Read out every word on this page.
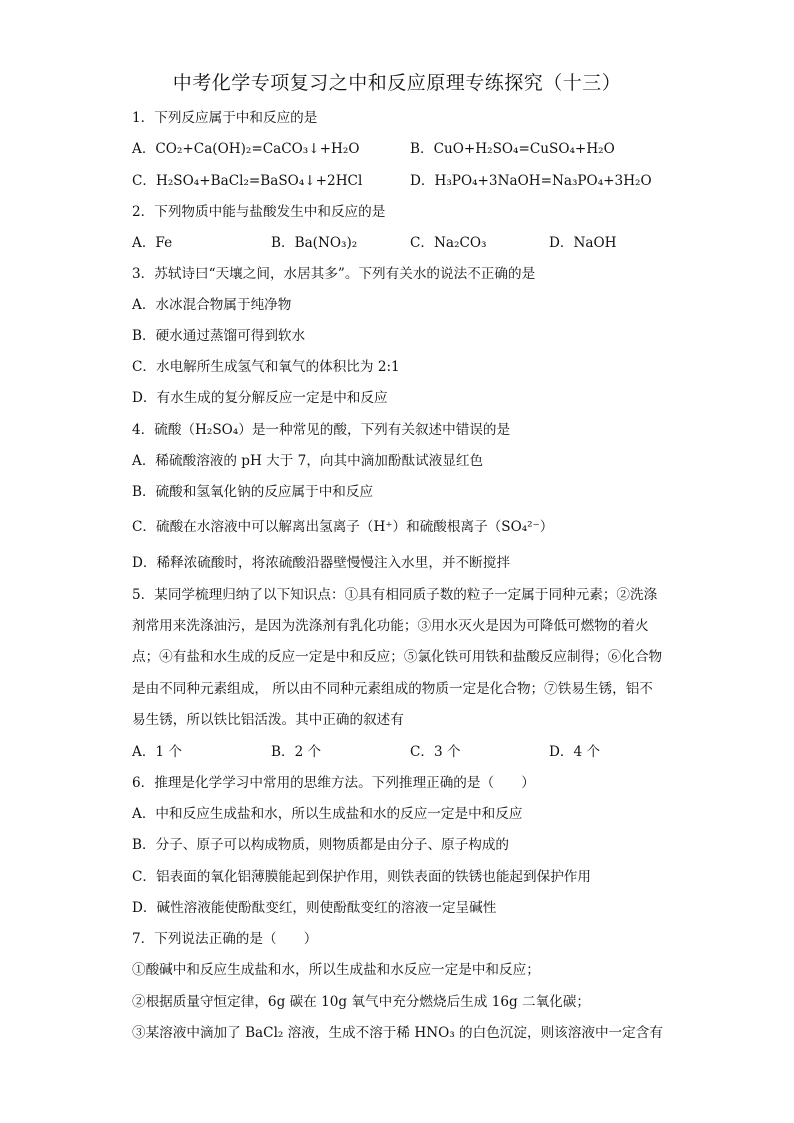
中考化学专项复习之中和反应原理专练探究（十三）
1．下列反应属于中和反应的是
A．CO₂+Ca(OH)₂=CaCO₃↓+H₂O	B．CuO+H₂SO₄=CuSO₄+H₂O
C．H₂SO₄+BaCl₂=BaSO₄↓+2HCl	D．H₃PO₄+3NaOH=Na₃PO₄+3H₂O
2．下列物质中能与盐酸发生中和反应的是
A．Fe	B．Ba(NO₃)₂	C．Na₂CO₃	D．NaOH
3．苏轼诗曰“天壤之间，水居其多”。下列有关水的说法不正确的是
A．水冰混合物属于纯净物
B．硬水通过蒸馏可得到软水
C．水电解所生成氢气和氧气的体积比为 2:1
D．有水生成的复分解反应一定是中和反应
4．硫酸（H₂SO₄）是一种常见的酸，下列有关叙述中错误的是
A．稀硫酸溶液的 pH 大于 7，向其中滴加酚酞试液显红色
B．硫酸和氢氧化钠的反应属于中和反应
C．硫酸在水溶液中可以解离出氢离子（H⁺）和硫酸根离子（SO₄²⁻）
D．稀释浓硫酸时，将浓硫酸沿器壁慢慢注入水里，并不断搅拌
5．某同学梳理归纳了以下知识点：①具有相同质子数的粒子一定属于同种元素；②洗涤剂常用来洗涤油污，是因为洗涤剂有乳化功能；③用水灭火是因为可降低可燃物的着火点；④有盐和水生成的反应一定是中和反应；⑤氯化铁可用铁和盐酸反应制得；⑥化合物是由不同种元素组成， 所以由不同种元素组成的物质一定是化合物；⑦铁易生锈，铝不易生锈，所以铁比铝活泼。其中正确的叙述有
A．1 个	B．2 个	C．3 个	D．4 个
6．推理是化学学习中常用的思维方法。下列推理正确的是（　　）
A．中和反应生成盐和水，所以生成盐和水的反应一定是中和反应
B．分子、原子可以构成物质，则物质都是由分子、原子构成的
C．铝表面的氧化铝薄膜能起到保护作用，则铁表面的铁锈也能起到保护作用
D．碱性溶液能使酚酞变红，则使酚酞变红的溶液一定呈碱性
7．下列说法正确的是（　　）
①酸碱中和反应生成盐和水，所以生成盐和水反应一定是中和反应；
②根据质量守恒定律，6g 碳在 10g 氧气中充分燃烧后生成 16g 二氧化碳；
③某溶液中滴加了 BaCl₂ 溶液，生成不溶于稀 HNO₃ 的白色沉淀，则该溶液中一定含有
